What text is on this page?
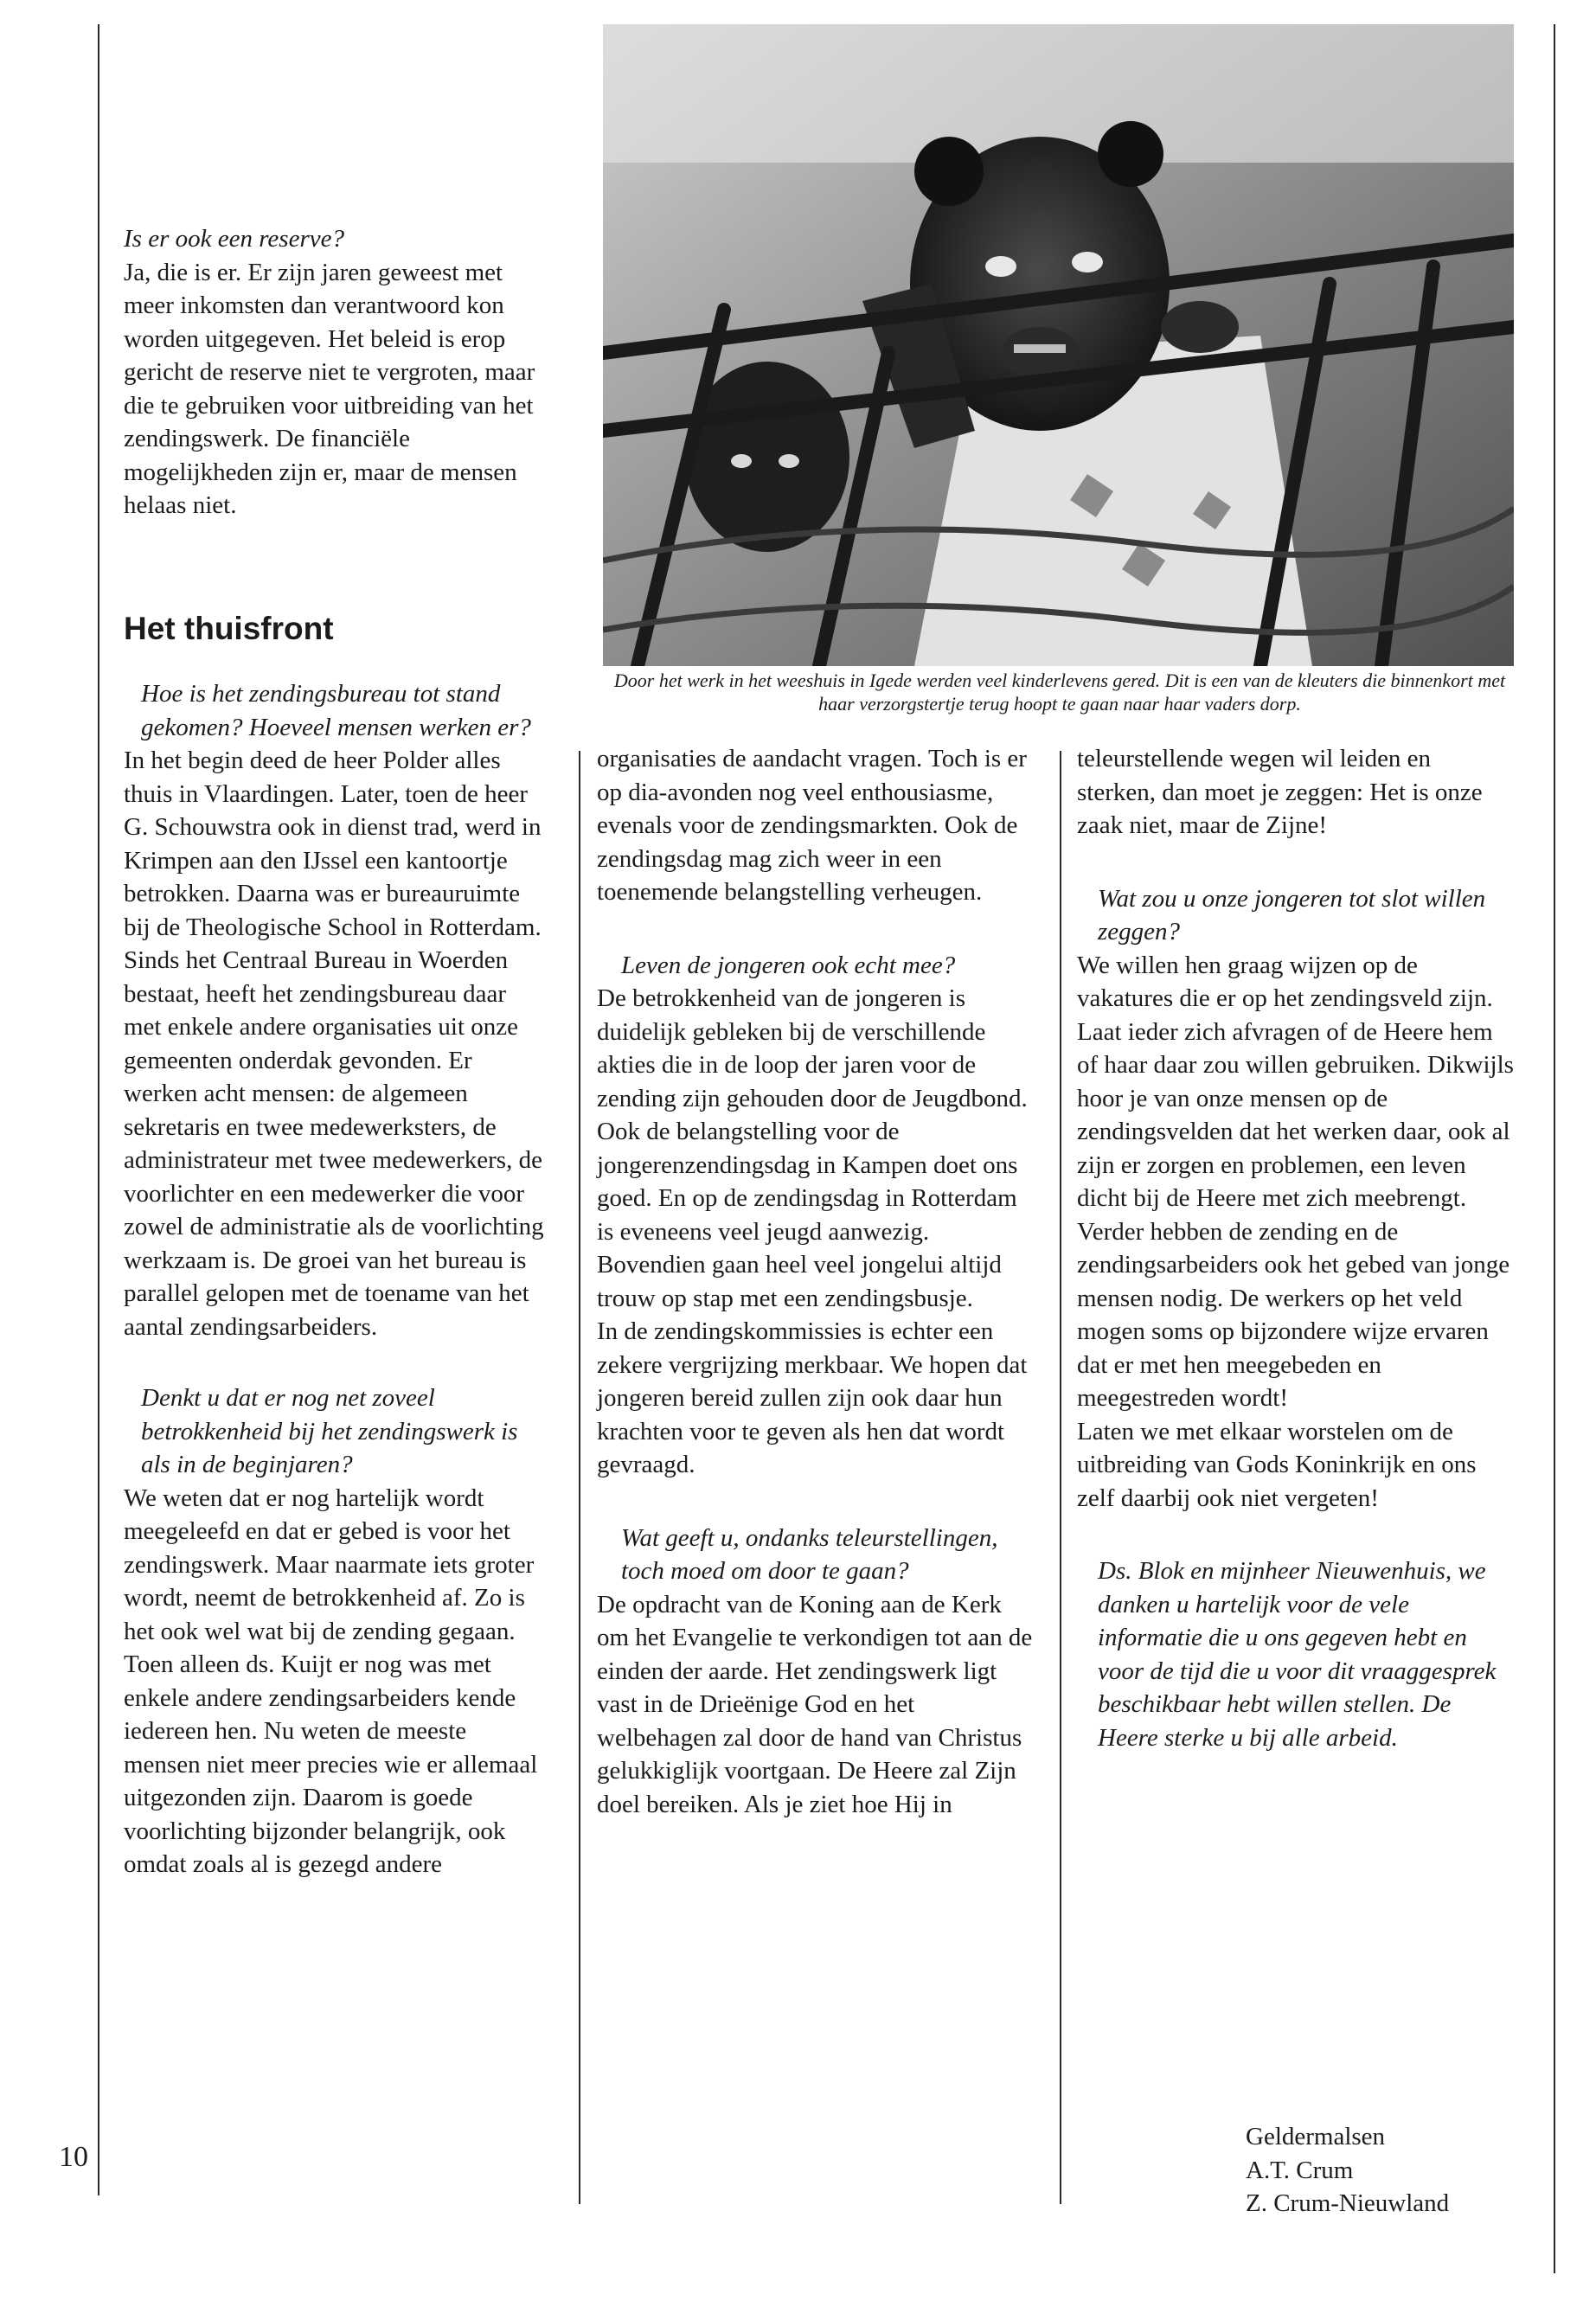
Door het werk in het weeshuis in Igede werden veel kinderlevens gered. Dit is een van de kleuters die binnenkort met haar verzorgstertje terug hoopt te gaan naar haar vaders dorp.

Is er ook een reserve?

Ja, die is er. Er zijn jaren geweest met meer inkomsten dan verantwoord kon worden uitgegeven. Het beleid is erop gericht de reserve niet te vergroten, maar die te gebruiken voor uitbreiding van het zendingswerk. De financiële mogelijkheden zijn er, maar de mensen helaas niet.

Het thuisfront

Hoe is het zendingsbureau tot stand gekomen? Hoeveel mensen werken er?

In het begin deed de heer Polder alles thuis in Vlaardingen. Later, toen de heer G. Schouwstra ook in dienst trad, werd in Krimpen aan den IJssel een kantoortje betrokken. Daarna was er bureauruimte bij de Theologische School in Rotterdam. Sinds het Centraal Bureau in Woerden bestaat, heeft het zendingsbureau daar met enkele andere organisaties uit onze gemeenten onderdak gevonden. Er werken acht mensen: de algemeen sekretaris en twee medewerksters, de administrateur met twee medewerkers, de voorlichter en een medewerker die voor zowel de administratie als de voorlichting werkzaam is. De groei van het bureau is parallel gelopen met de toename van het aantal zendingsarbeiders.

Denkt u dat er nog net zoveel betrokkenheid bij het zendingswerk is als in de beginjaren?

We weten dat er nog hartelijk wordt meegeleefd en dat er gebed is voor het zendingswerk. Maar naarmate iets groter wordt, neemt de betrokkenheid af. Zo is het ook wel wat bij de zending gegaan. Toen alleen ds. Kuijt er nog was met enkele andere zendingsarbeiders kende iedereen hen. Nu weten de meeste mensen niet meer precies wie er allemaal uitgezonden zijn. Daarom is goede voorlichting bijzonder belangrijk, ook omdat zoals al is gezegd andere

10

organisaties de aandacht vragen. Toch is er op dia-avonden nog veel enthousiasme, evenals voor de zendingsmarkten. Ook de zendingsdag mag zich weer in een toenemende belangstelling verheugen.

Leven de jongeren ook echt mee?

De betrokkenheid van de jongeren is duidelijk gebleken bij de verschillende akties die in de loop der jaren voor de zending zijn gehouden door de Jeugdbond.

Ook de belangstelling voor de jongerenzendingsdag in Kampen doet ons goed. En op de zendingsdag in Rotterdam is eveneens veel jeugd aanwezig. Bovendien gaan heel veel jongelui altijd trouw op stap met een zendingsbusje.

In de zendingskommissies is echter een zekere vergrijzing merkbaar. We hopen dat jongeren bereid zullen zijn ook daar hun krachten voor te geven als hen dat wordt gevraagd.

Wat geeft u, ondanks teleurstellingen, toch moed om door te gaan?

De opdracht van de Koning aan de Kerk om het Evangelie te verkondigen tot aan de einden der aarde. Het zendingswerk ligt vast in de Drieënige God en het welbehagen zal door de hand van Christus gelukkiglijk voortgaan. De Heere zal Zijn doel bereiken. Als je ziet hoe Hij in

teleurstellende wegen wil leiden en sterken, dan moet je zeggen: Het is onze zaak niet, maar de Zijne!

Wat zou u onze jongeren tot slot willen zeggen?

We willen hen graag wijzen op de vakatures die er op het zendingsveld zijn. Laat ieder zich afvragen of de Heere hem of haar daar zou willen gebruiken. Dikwijls hoor je van onze mensen op de zendingsvelden dat het werken daar, ook al zijn er zorgen en problemen, een leven dicht bij de Heere met zich meebrengt.

Verder hebben de zending en de zendingsarbeiders ook het gebed van jonge mensen nodig. De werkers op het veld mogen soms op bijzondere wijze ervaren dat er met hen meegebeden en meegestreden wordt!

Laten we met elkaar worstelen om de uitbreiding van Gods Koninkrijk en ons zelf daarbij ook niet vergeten!

Ds. Blok en mijnheer Nieuwenhuis, we danken u hartelijk voor de vele informatie die u ons gegeven hebt en voor de tijd die u voor dit vraaggesprek beschikbaar hebt willen stellen. De Heere sterke u bij alle arbeid.

Geldermalsen
A.T. Crum
Z. Crum-Nieuwland
